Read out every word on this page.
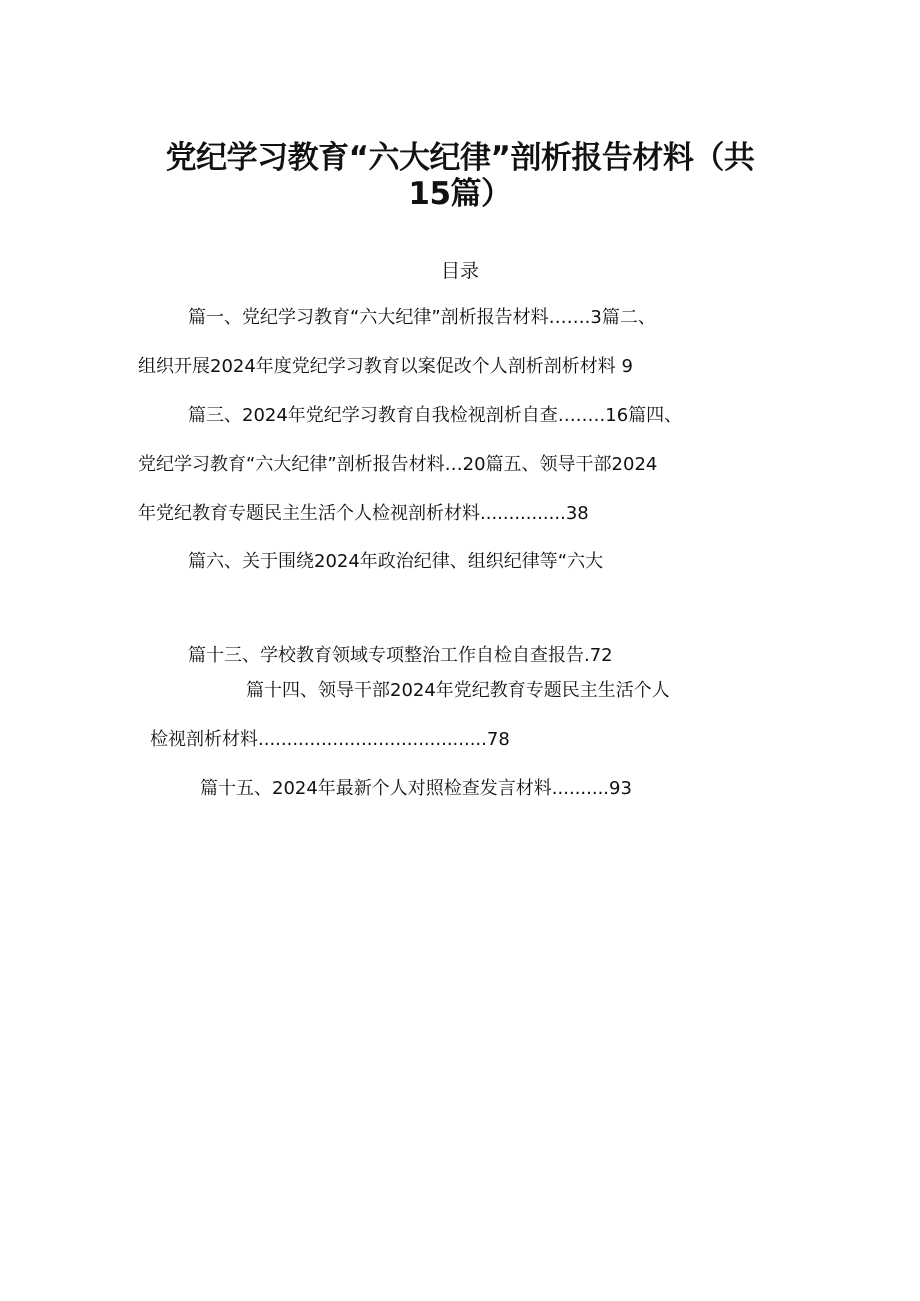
党纪学习教育“六大纪律”剖析报告材料（共
15篇）
目录
篇一、党纪学习教育“六大纪律”剖析报告材料…….3篇二、
组织开展2024年度党纪学习教育以案促改个人剖析剖析材料 9
篇三、2024年党纪学习教育自我检视剖析自查….….16篇四、
党纪学习教育“六大纪律”剖析报告材料…20篇五、领导干部2024
年党纪教育专题民主生活个人检视剖析材料...............38
篇六、关于围绕2024年政治纪律、组织纪律等“六大
篇十三、学校教育领域专项整治工作自检自查报告.72
篇十四、领导干部2024年党纪教育专题民主生活个人
检视剖析材料........................................78
篇十五、2024年最新个人对照检查发言材料..........93
